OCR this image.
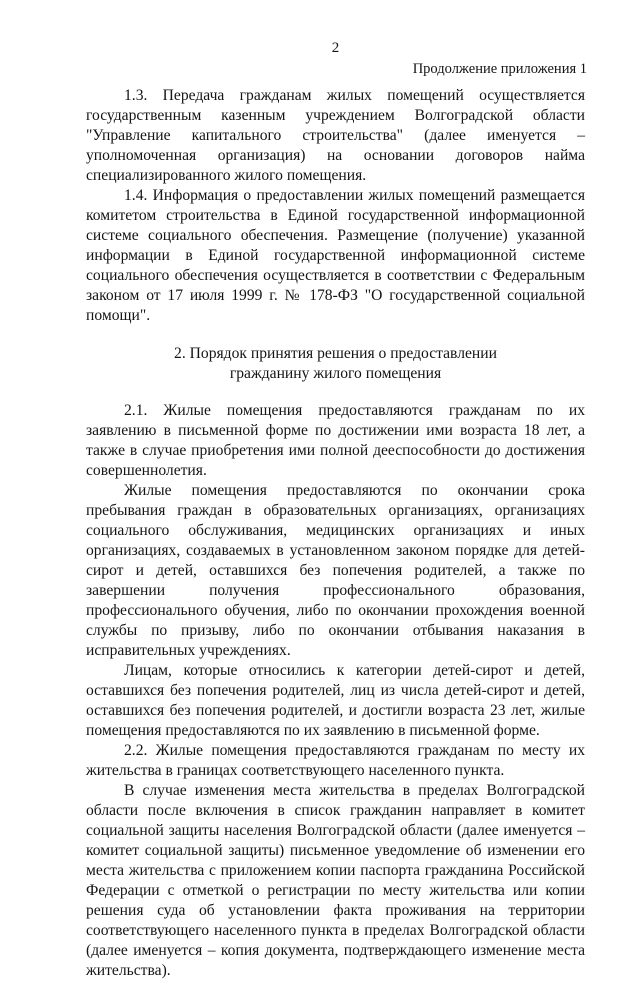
2
Продолжение приложения 1

1.3. Передача гражданам жилых помещений осуществляется государственным казенным учреждением Волгоградской области "Управление капитального строительства" (далее именуется – уполномоченная организация) на основании договоров найма специализированного жилого помещения.

1.4. Информация о предоставлении жилых помещений размещается комитетом строительства в Единой государственной информационной системе социального обеспечения. Размещение (получение) указанной информации в Единой государственной информационной системе социального обеспечения осуществляется в соответствии с Федеральным законом от 17 июля 1999 г. № 178-ФЗ "О государственной социальной помощи".

2. Порядок принятия решения о предоставлении
гражданину жилого помещения

2.1. Жилые помещения предоставляются гражданам по их заявлению в письменной форме по достижении ими возраста 18 лет, а также в случае приобретения ими полной дееспособности до достижения совершеннолетия.

Жилые помещения предоставляются по окончании срока пребывания граждан в образовательных организациях, организациях социального обслуживания, медицинских организациях и иных организациях, создаваемых в установленном законом порядке для детей-сирот и детей, оставшихся без попечения родителей, а также по завершении получения профессионального образования, профессионального обучения, либо по окончании прохождения военной службы по призыву, либо по окончании отбывания наказания в исправительных учреждениях.

Лицам, которые относились к категории детей-сирот и детей, оставшихся без попечения родителей, лиц из числа детей-сирот и детей, оставшихся без попечения родителей, и достигли возраста 23 лет, жилые помещения предоставляются по их заявлению в письменной форме.

2.2. Жилые помещения предоставляются гражданам по месту их жительства в границах соответствующего населенного пункта.

В случае изменения места жительства в пределах Волгоградской области после включения в список гражданин направляет в комитет социальной защиты населения Волгоградской области (далее именуется – комитет социальной защиты) письменное уведомление об изменении его места жительства с приложением копии паспорта гражданина Российской Федерации с отметкой о регистрации по месту жительства или копии решения суда об установлении факта проживания на территории соответствующего населенного пункта в пределах Волгоградской области (далее именуется – копия документа, подтверждающего изменение места жительства).
